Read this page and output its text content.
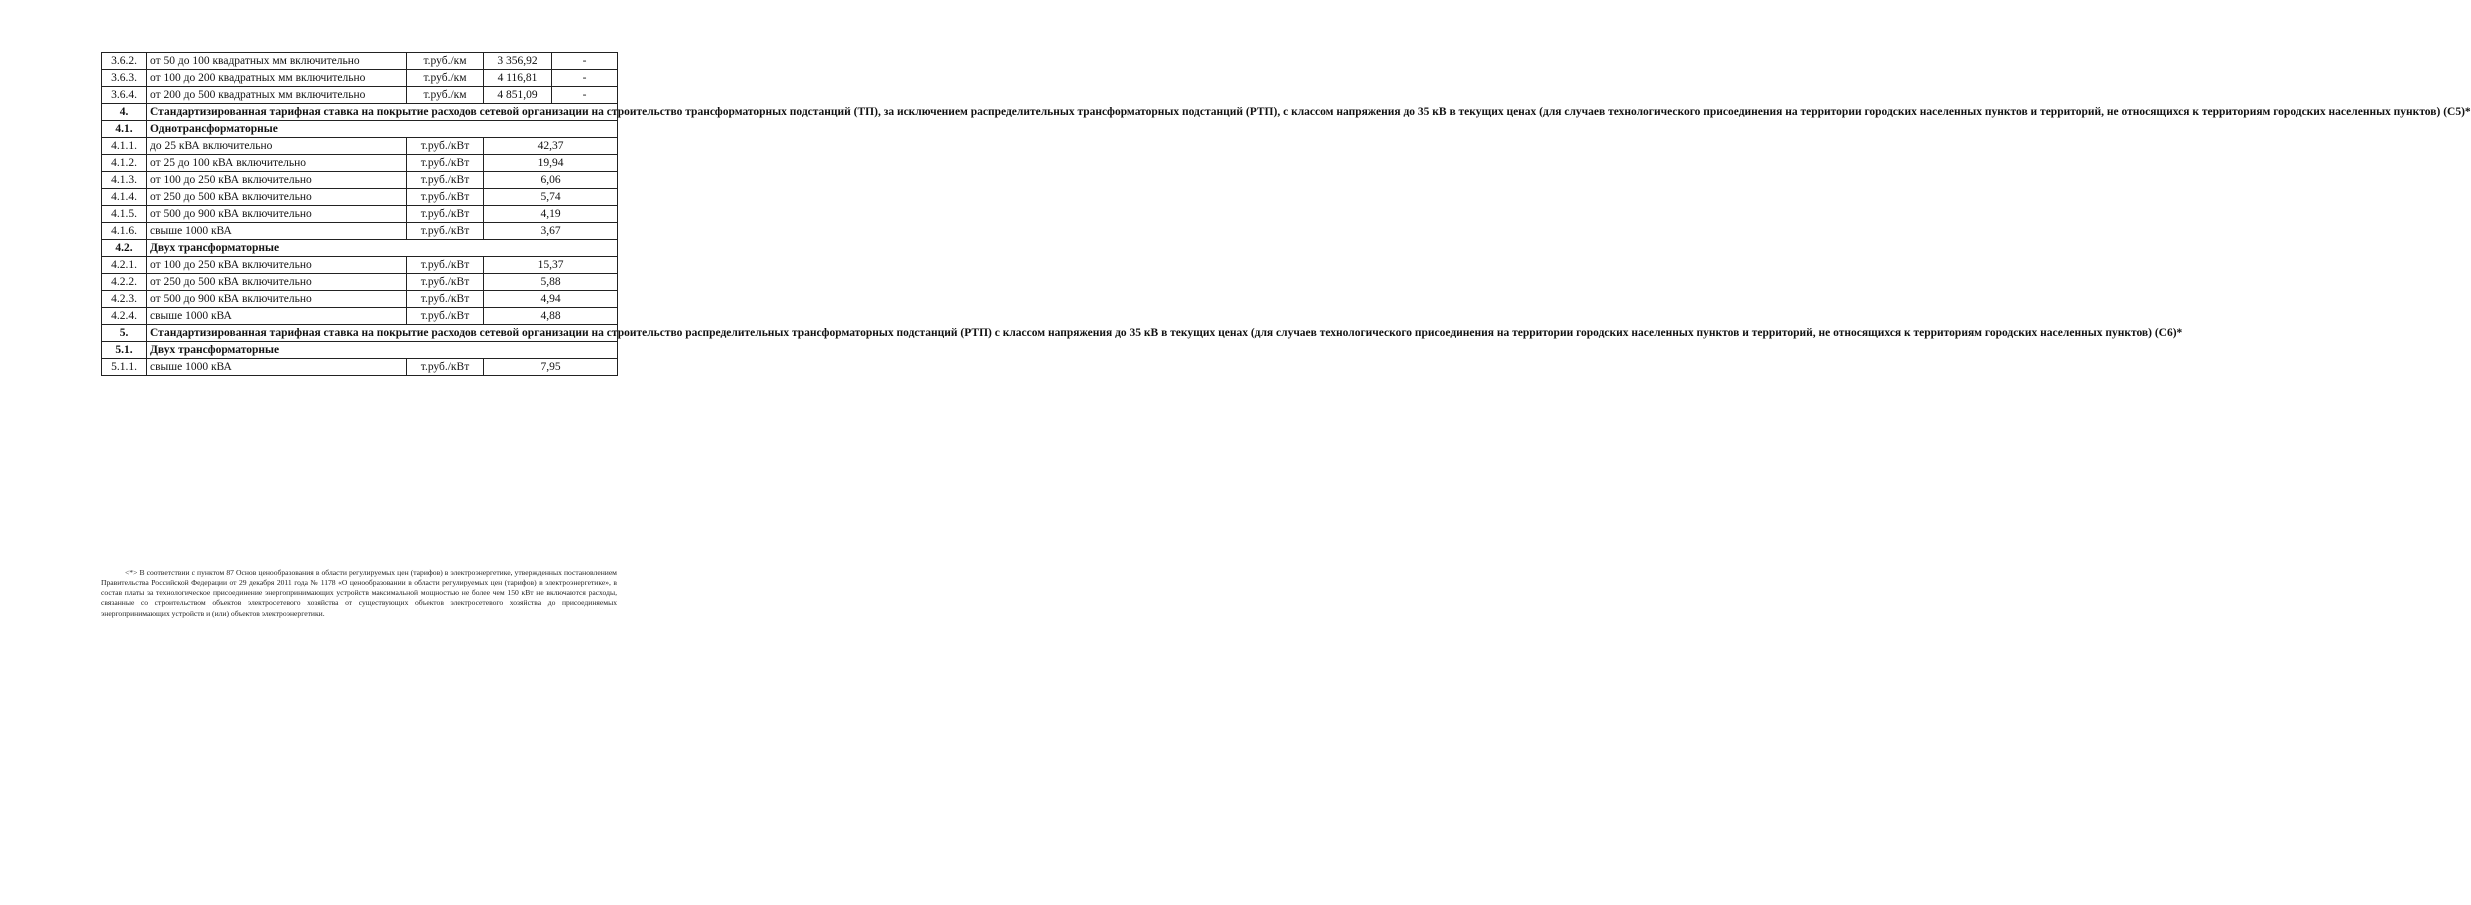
3.6.2.	от 50 до 100 квадратных мм включительно	т.руб./км	3 356,92	-
3.6.3.	от 100 до 200 квадратных мм включительно	т.руб./км	4 116,81	-
3.6.4.	от 200 до 500 квадратных мм включительно	т.руб./км	4 851,09	-
4.	Стандартизированная тарифная ставка на покрытие расходов сетевой организации на строительство трансформаторных подстанций (ТП), за исключением распределительных трансформаторных подстанций (РТП), с классом напряжения до 35 кВ в текущих ценах (для случаев технологического присоединения на территории городских населенных пунктов и территорий, не относящихся к территориям городских населенных пунктов) (С5)*			
4.1.	Однотрансформаторные			
4.1.1.	до 25 кВА включительно	т.руб./кВт	42,37	
4.1.2.	от 25 до 100 кВА включительно	т.руб./кВт	19,94	
4.1.3.	от 100 до 250 кВА включительно	т.руб./кВт	6,06	
4.1.4.	от 250 до 500 кВА включительно	т.руб./кВт	5,74	
4.1.5.	от 500 до 900 кВА включительно	т.руб./кВт	4,19	
4.1.6.	свыше 1000 кВА	т.руб./кВт	3,67	
4.2.	Двух трансформаторные			
4.2.1.	от 100 до 250 кВА включительно	т.руб./кВт	15,37	
4.2.2.	от 250 до 500 кВА включительно	т.руб./кВт	5,88	
4.2.3.	от 500 до 900 кВА включительно	т.руб./кВт	4,94	
4.2.4.	свыше 1000 кВА	т.руб./кВт	4,88	
5.	Стандартизированная тарифная ставка на покрытие расходов сетевой организации на строительство распределительных трансформаторных подстанций (РТП) с классом напряжения до 35 кВ в текущих ценах (для случаев технологического присоединения на территории городских населенных пунктов и территорий, не относящихся к территориям городских населенных пунктов) (С6)*			
5.1.	Двух трансформаторные			
5.1.1.	свыше 1000 кВА	т.руб./кВт	7,95	

<*> В соответствии с пунктом 87 Основ ценообразования в области регулируемых цен (тарифов) в электроэнергетике, утвержденных постановлением Правительства Российской Федерации от 29 декабря 2011 года № 1178 «О ценообразовании в области регулируемых цен (тарифов) в электроэнергетике», в состав платы за технологическое присоединение энергопринимающих устройств максимальной мощностью не более чем 150 кВт не включаются расходы, связанные со строительством объектов электросетевого хозяйства от существующих объектов электросетевого хозяйства до присоединяемых энергопринимающих устройств и (или) объектов электроэнергетики.
